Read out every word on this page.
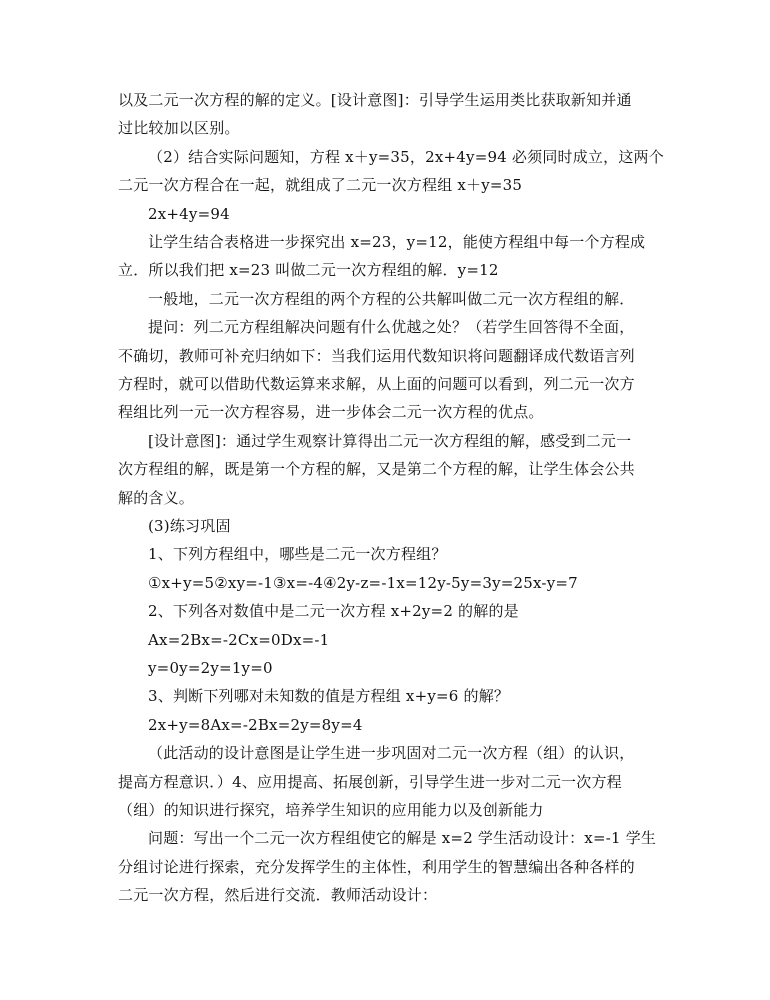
以及二元一次方程的解的定义。[设计意图]：引导学生运用类比获取新知并通
过比较加以区别。
（2）结合实际问题知，方程 x＋y=35，2x+4y=94 必须同时成立，这两个
二元一次方程合在一起，就组成了二元一次方程组 x＋y=35
2x+4y=94
让学生结合表格进一步探究出 x=23，y=12，能使方程组中每一个方程成
立．所以我们把 x=23 叫做二元一次方程组的解．y=12
一般地，二元一次方程组的两个方程的公共解叫做二元一次方程组的解．
提问：列二元方程组解决问题有什么优越之处？（若学生回答得不全面，
不确切，教师可补充归纳如下：当我们运用代数知识将问题翻译成代数语言列
方程时，就可以借助代数运算来求解，从上面的问题可以看到，列二元一次方
程组比列一元一次方程容易，进一步体会二元一次方程的优点。
[设计意图]：通过学生观察计算得出二元一次方程组的解，感受到二元一
次方程组的解，既是第一个方程的解，又是第二个方程的解，让学生体会公共
解的含义。
(3)练习巩固
1、下列方程组中，哪些是二元一次方程组？
①x+y=5②xy=-1③x=-4④2y-z=-1x=12y-5y=3y=25x-y=7
2、下列各对数值中是二元一次方程 x+2y=2 的解的是
Ax=2Bx=-2Cx=0Dx=-1
y=0y=2y=1y=0
3、判断下列哪对未知数的值是方程组 x+y=6 的解？
2x+y=8Ax=-2Bx=2y=8y=4
（此活动的设计意图是让学生进一步巩固对二元一次方程（组）的认识，
提高方程意识．）4、应用提高、拓展创新，引导学生进一步对二元一次方程
（组）的知识进行探究，培养学生知识的应用能力以及创新能力
问题：写出一个二元一次方程组使它的解是 x=2 学生活动设计：x=-1 学生
分组讨论进行探索，充分发挥学生的主体性，利用学生的智慧编出各种各样的
二元一次方程，然后进行交流．教师活动设计：
